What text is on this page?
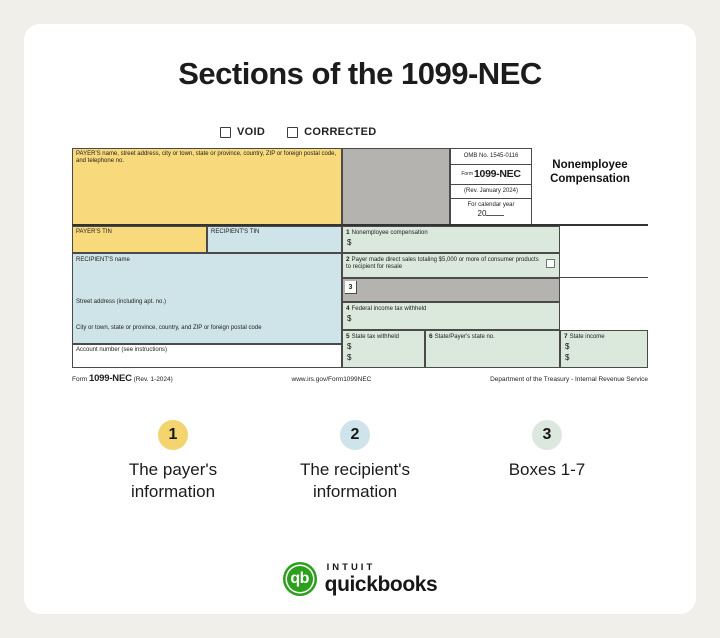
Sections of the 1099-NEC
VOID	CORRECTED
PAYER'S name, street address, city or town, state or province, country, ZIP or foreign postal code, and telephone no.
OMB No. 1545-0116
Form 1099-NEC
(Rev. January 2024)
For calendar year
20
Nonemployee
Compensation
PAYER'S TIN	RECIPIENT'S TIN	1 Nonemployee compensation
$
RECIPIENT'S name
Street address (including apt. no.)
City or town, state or province, country, and ZIP or foreign postal code
Account number (see instructions)
2 Payer made direct sales totaling $5,000 or more of consumer products to recipient for resale
3
4 Federal income tax withheld
$
5 State tax withheld
$
$
6 State/Payer's state no.	7 State income
$
$
Form 1099-NEC (Rev. 1-2024)	www.irs.gov/Form1099NEC	Department of the Treasury - Internal Revenue Service
1
The payer's information
2
The recipient's information
3
Boxes 1-7
qb
INTUIT
quickbooks
